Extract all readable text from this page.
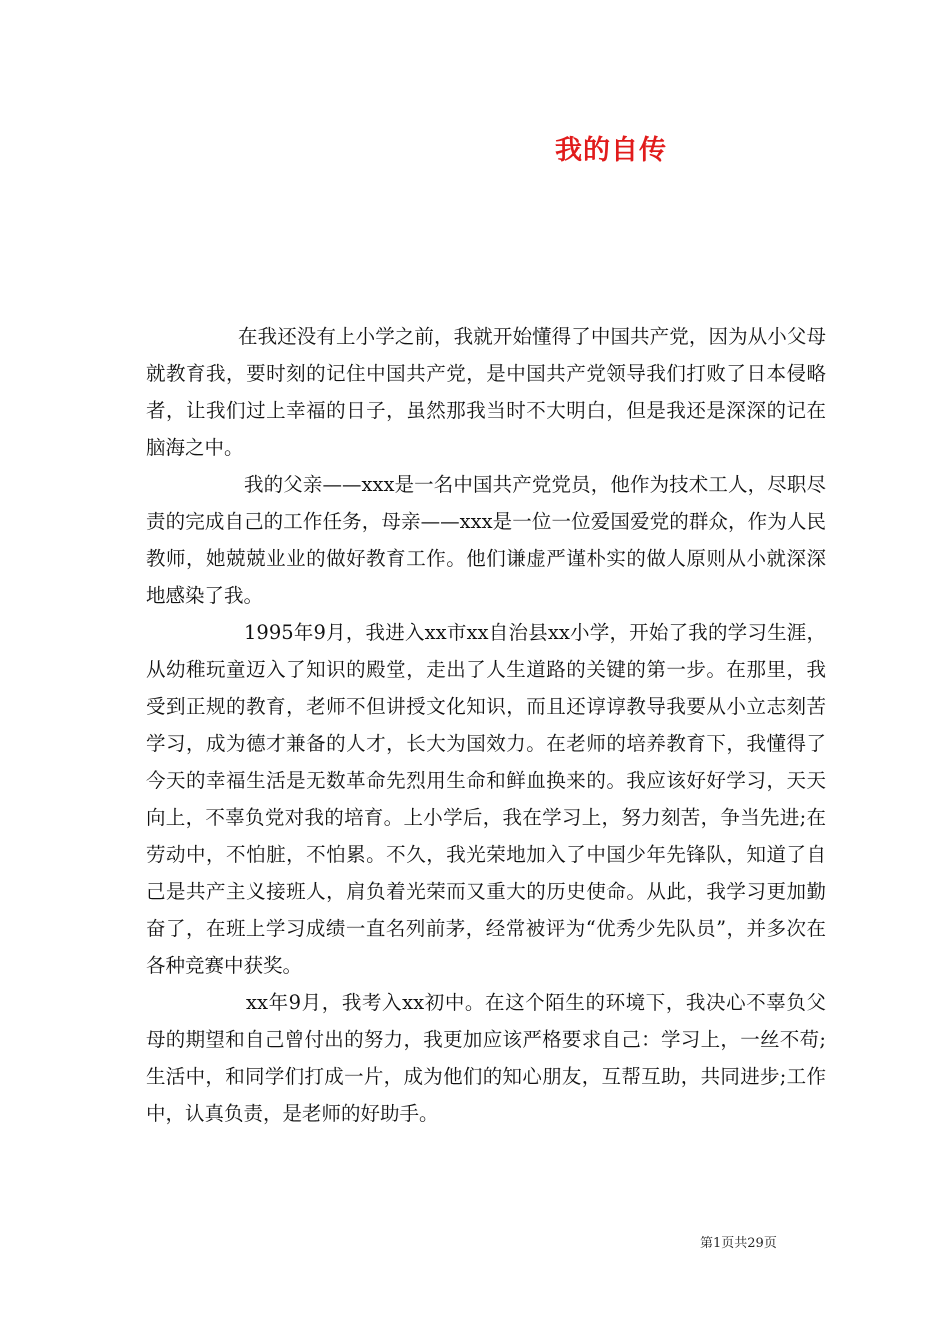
我的自传

在我还没有上小学之前，我就开始懂得了中国共产党，因为从小父母就教育我，要时刻的记住中国共产党，是中国共产党领导我们打败了日本侵略者，让我们过上幸福的日子，虽然那我当时不大明白，但是我还是深深的记在脑海之中。

我的父亲——xxx是一名中国共产党党员，他作为技术工人，尽职尽责的完成自己的工作任务，母亲——xxx是一位一位爱国爱党的群众，作为人民教师，她兢兢业业的做好教育工作。他们谦虚严谨朴实的做人原则从小就深深地感染了我。

1995年9月，我进入xx市xx自治县xx小学，开始了我的学习生涯，从幼稚玩童迈入了知识的殿堂，走出了人生道路的关键的第一步。在那里，我受到正规的教育，老师不但讲授文化知识，而且还谆谆教导我要从小立志刻苦学习，成为德才兼备的人才，长大为国效力。在老师的培养教育下，我懂得了今天的幸福生活是无数革命先烈用生命和鲜血换来的。我应该好好学习，天天向上，不辜负党对我的培育。上小学后，我在学习上，努力刻苦，争当先进;在劳动中，不怕脏，不怕累。不久，我光荣地加入了中国少年先锋队，知道了自己是共产主义接班人，肩负着光荣而又重大的历史使命。从此，我学习更加勤奋了，在班上学习成绩一直名列前茅，经常被评为“优秀少先队员”，并多次在各种竞赛中获奖。

xx年9月，我考入xx初中。在这个陌生的环境下，我决心不辜负父母的期望和自己曾付出的努力，我更加应该严格要求自己：学习上，一丝不苟;生活中，和同学们打成一片，成为他们的知心朋友，互帮互助，共同进步;工作中，认真负责，是老师的好助手。

第1页共29页
